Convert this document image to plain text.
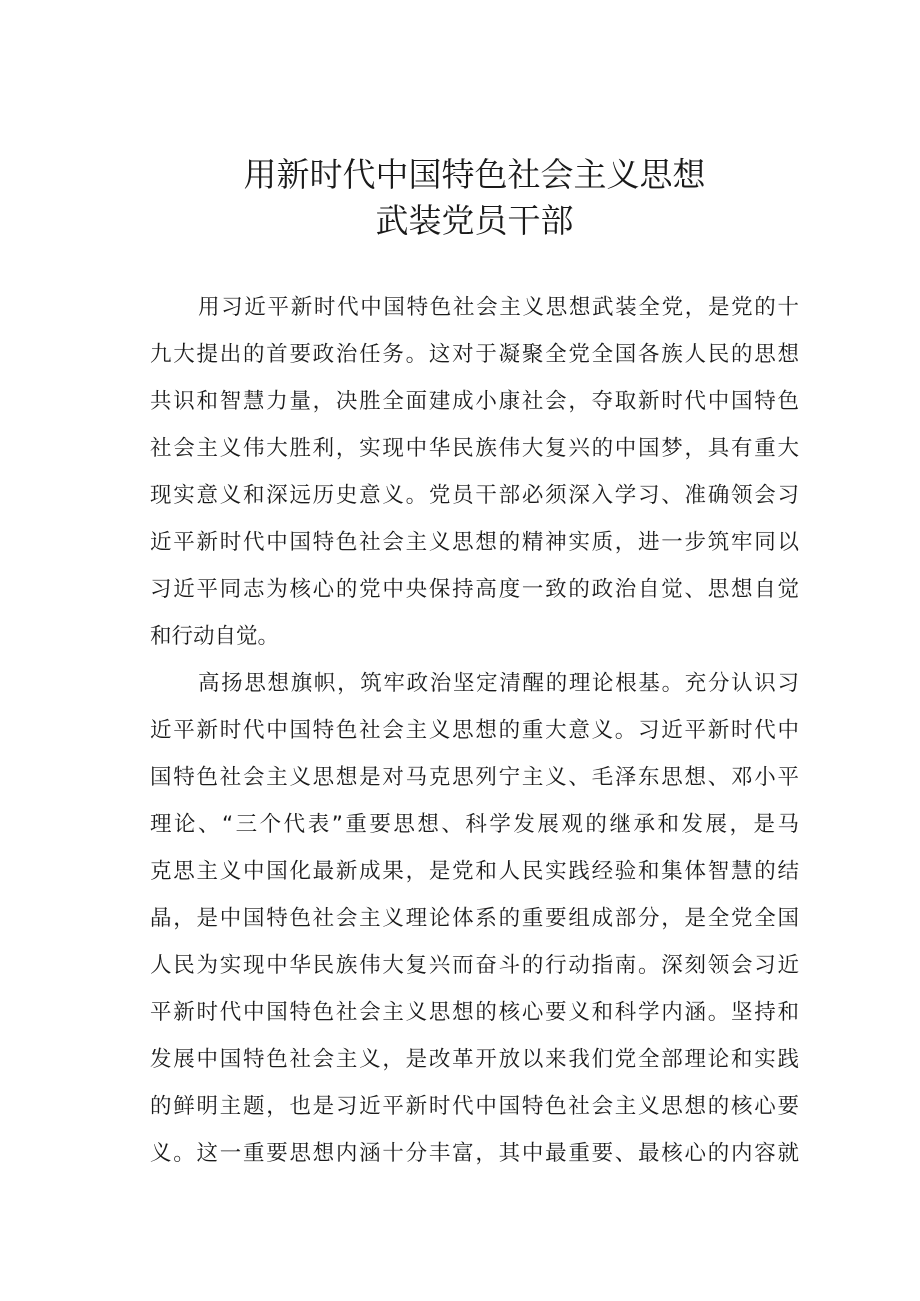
用新时代中国特色社会主义思想
武装党员干部
用习近平新时代中国特色社会主义思想武装全党，是党的十
九大提出的首要政治任务。这对于凝聚全党全国各族人民的思想
共识和智慧力量，决胜全面建成小康社会，夺取新时代中国特色
社会主义伟大胜利，实现中华民族伟大复兴的中国梦，具有重大
现实意义和深远历史意义。党员干部必须深入学习、准确领会习
近平新时代中国特色社会主义思想的精神实质，进一步筑牢同以
习近平同志为核心的党中央保持高度一致的政治自觉、思想自觉
和行动自觉。
高扬思想旗帜，筑牢政治坚定清醒的理论根基。充分认识习
近平新时代中国特色社会主义思想的重大意义。习近平新时代中
国特色社会主义思想是对马克思列宁主义、毛泽东思想、邓小平
理论、“三个代表”重要思想、科学发展观的继承和发展，是马
克思主义中国化最新成果，是党和人民实践经验和集体智慧的结
晶，是中国特色社会主义理论体系的重要组成部分，是全党全国
人民为实现中华民族伟大复兴而奋斗的行动指南。深刻领会习近
平新时代中国特色社会主义思想的核心要义和科学内涵。坚持和
发展中国特色社会主义，是改革开放以来我们党全部理论和实践
的鲜明主题，也是习近平新时代中国特色社会主义思想的核心要
义。这一重要思想内涵十分丰富，其中最重要、最核心的内容就
